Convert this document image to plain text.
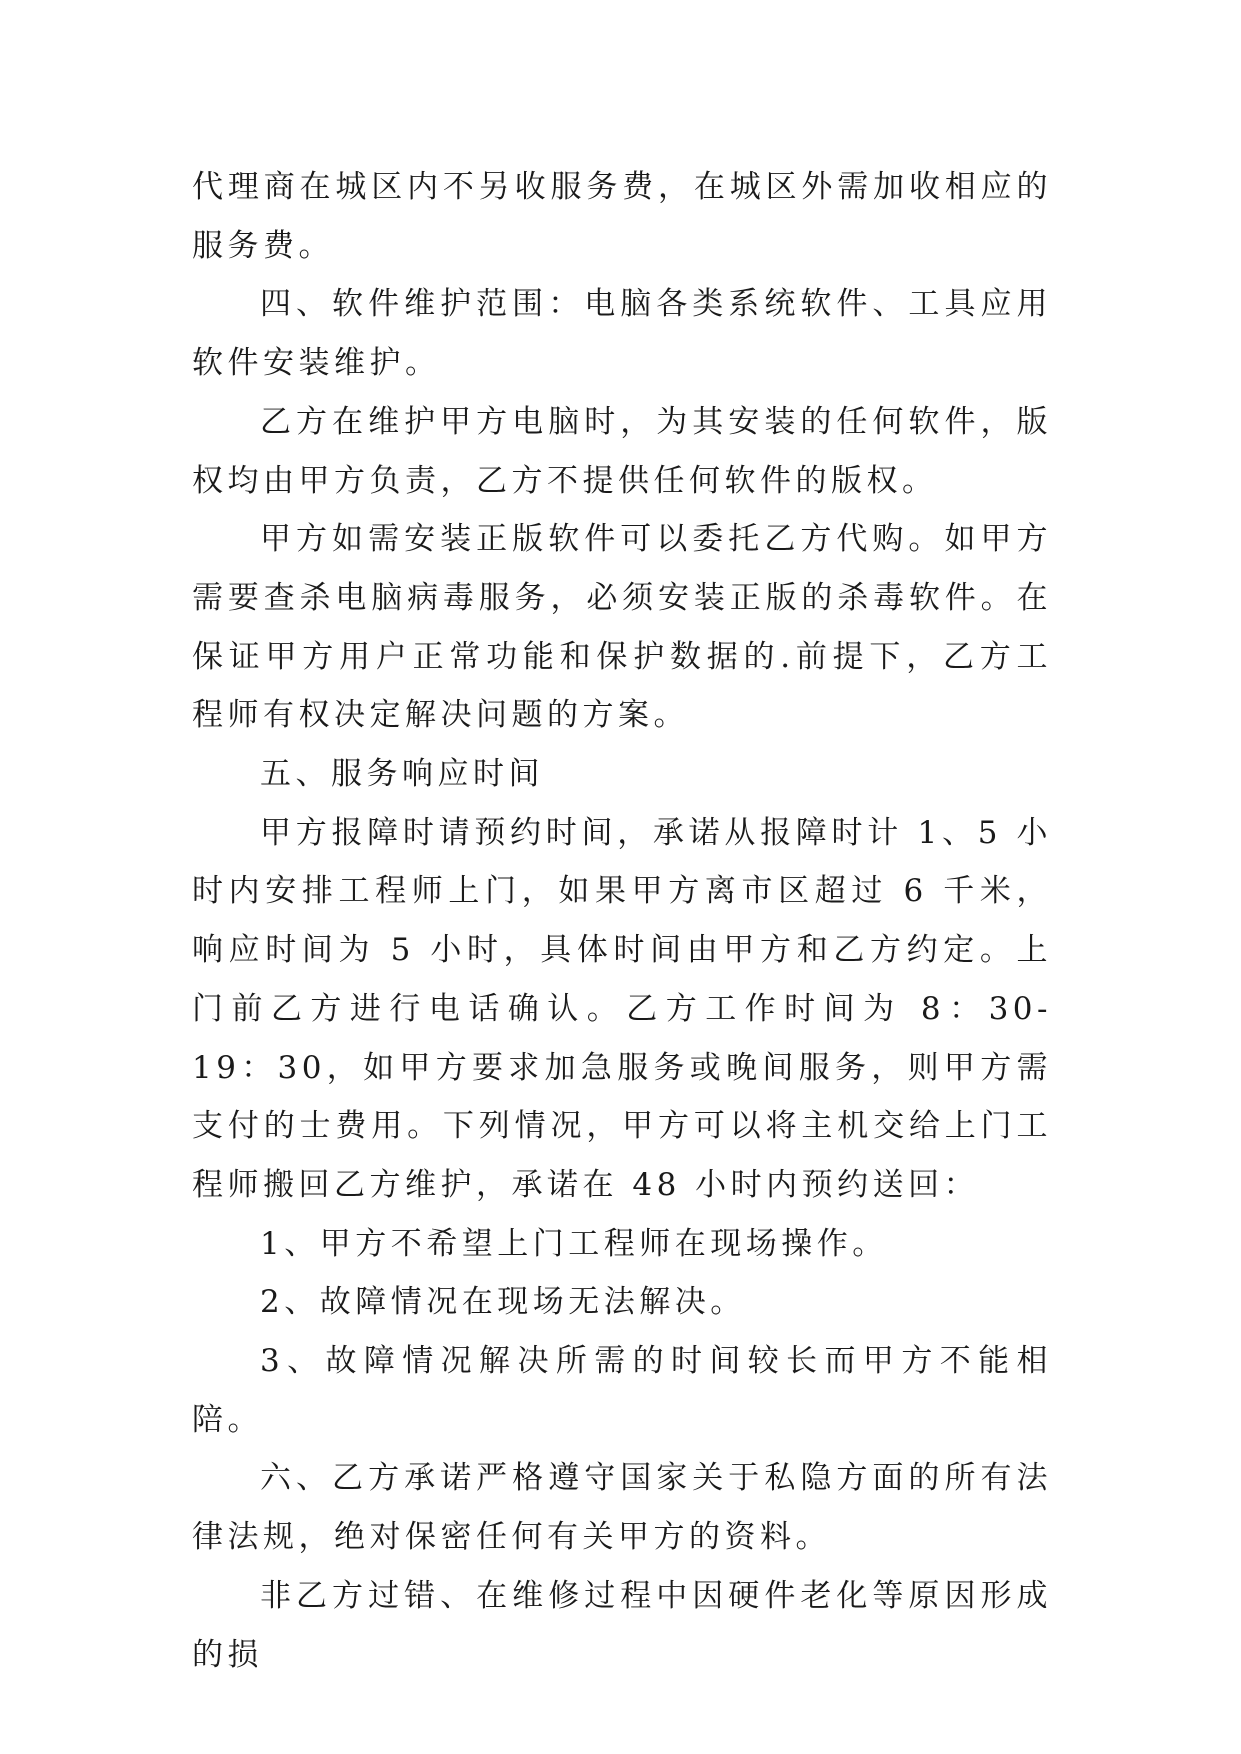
代理商在城区内不另收服务费，在城区外需加收相应的服务费。

四、软件维护范围：电脑各类系统软件、工具应用软件安装维护。

乙方在维护甲方电脑时，为其安装的任何软件，版权均由甲方负责，乙方不提供任何软件的版权。

甲方如需安装正版软件可以委托乙方代购。如甲方需要查杀电脑病毒服务，必须安装正版的杀毒软件。在保证甲方用户正常功能和保护数据的.前提下，乙方工程师有权决定解决问题的方案。

五、服务响应时间

甲方报障时请预约时间，承诺从报障时计 1、5 小时内安排工程师上门，如果甲方离市区超过 6 千米，响应时间为 5 小时，具体时间由甲方和乙方约定。上门前乙方进行电话确认。乙方工作时间为 8：30-19：30，如甲方要求加急服务或晚间服务，则甲方需支付的士费用。下列情况，甲方可以将主机交给上门工程师搬回乙方维护，承诺在 48 小时内预约送回：

1、甲方不希望上门工程师在现场操作。

2、故障情况在现场无法解决。

3、故障情况解决所需的时间较长而甲方不能相陪。

六、乙方承诺严格遵守国家关于私隐方面的所有法律法规，绝对保密任何有关甲方的资料。

非乙方过错、在维修过程中因硬件老化等原因形成的损
